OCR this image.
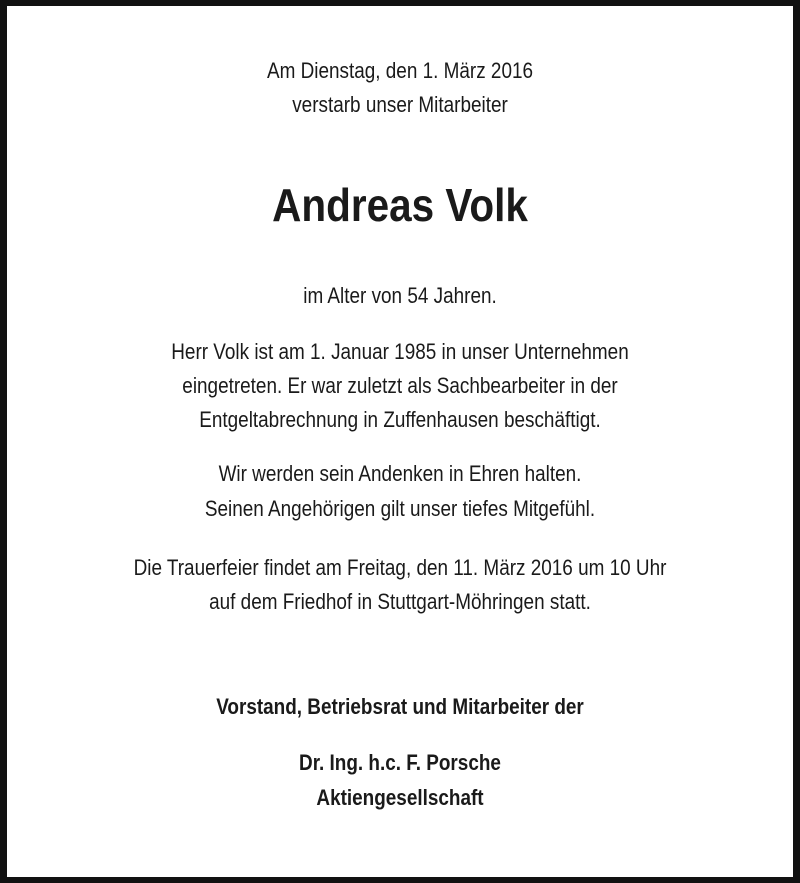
Am Dienstag, den 1. März 2016
verstarb unser Mitarbeiter
Andreas Volk
im Alter von 54 Jahren.
Herr Volk ist am 1. Januar 1985 in unser Unternehmen
eingetreten. Er war zuletzt als Sachbearbeiter in der
Entgeltabrechnung in Zuffenhausen beschäftigt.
Wir werden sein Andenken in Ehren halten.
Seinen Angehörigen gilt unser tiefes Mitgefühl.
Die Trauerfeier findet am Freitag, den 11. März 2016 um 10 Uhr
auf dem Friedhof in Stuttgart-Möhringen statt.
Vorstand, Betriebsrat und Mitarbeiter der
Dr. Ing. h.c. F. Porsche
Aktiengesellschaft
